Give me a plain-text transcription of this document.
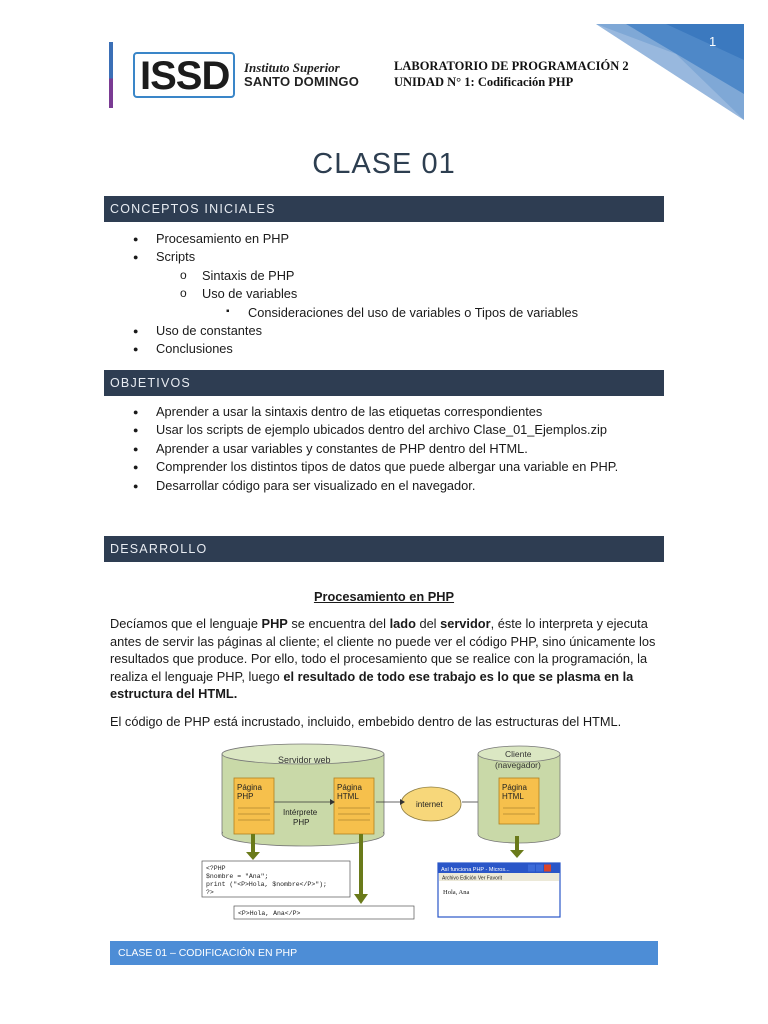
ISSD Instituto Superior
SANTO DOMINGO
LABORATORIO DE PROGRAMACIÓN 2
UNIDAD N° 1: Codificación PHP
1
CLASE 01
CONCEPTOS INICIALES
● Procesamiento en PHP
● Scripts
o Sintaxis de PHP
o Uso de variables
▪ Consideraciones del uso de variables o Tipos de variables
● Uso de constantes
● Conclusiones
OBJETIVOS
● Aprender a usar la sintaxis dentro de las etiquetas correspondientes
● Usar los scripts de ejemplo ubicados dentro del archivo Clase_01_Ejemplos.zip
● Aprender a usar variables y constantes de PHP dentro del HTML.
● Comprender los distintos tipos de datos que puede albergar una variable en PHP.
● Desarrollar código para ser visualizado en el navegador.
DESARROLLO
Procesamiento en PHP
Decíamos que el lenguaje PHP se encuentra del lado del servidor, éste lo interpreta y ejecuta antes de servir las páginas al cliente; el cliente no puede ver el código PHP, sino únicamente los resultados que produce. Por ello, todo el procesamiento que se realice con la programación, la realiza el lenguaje PHP, luego el resultado de todo ese trabajo es lo que se plasma en la estructura del HTML.
El código de PHP está incrustado, incluido, embebido dentro de las estructuras del HTML.
Servidor web
Página
PHP
Página
HTML
Intérprete
PHP
internet
Cliente
(navegador)
Página
HTML
<?PHP
$nombre = "Ana";
print ("<P>Hola, $nombre</P>");
?>
<P>Hola, Ana</P>
Así funciona PHP - Micros...
Archivo Edición Ver Favorit
Hola, Ana
CLASE 01 – CODIFICACIÓN EN PHP
